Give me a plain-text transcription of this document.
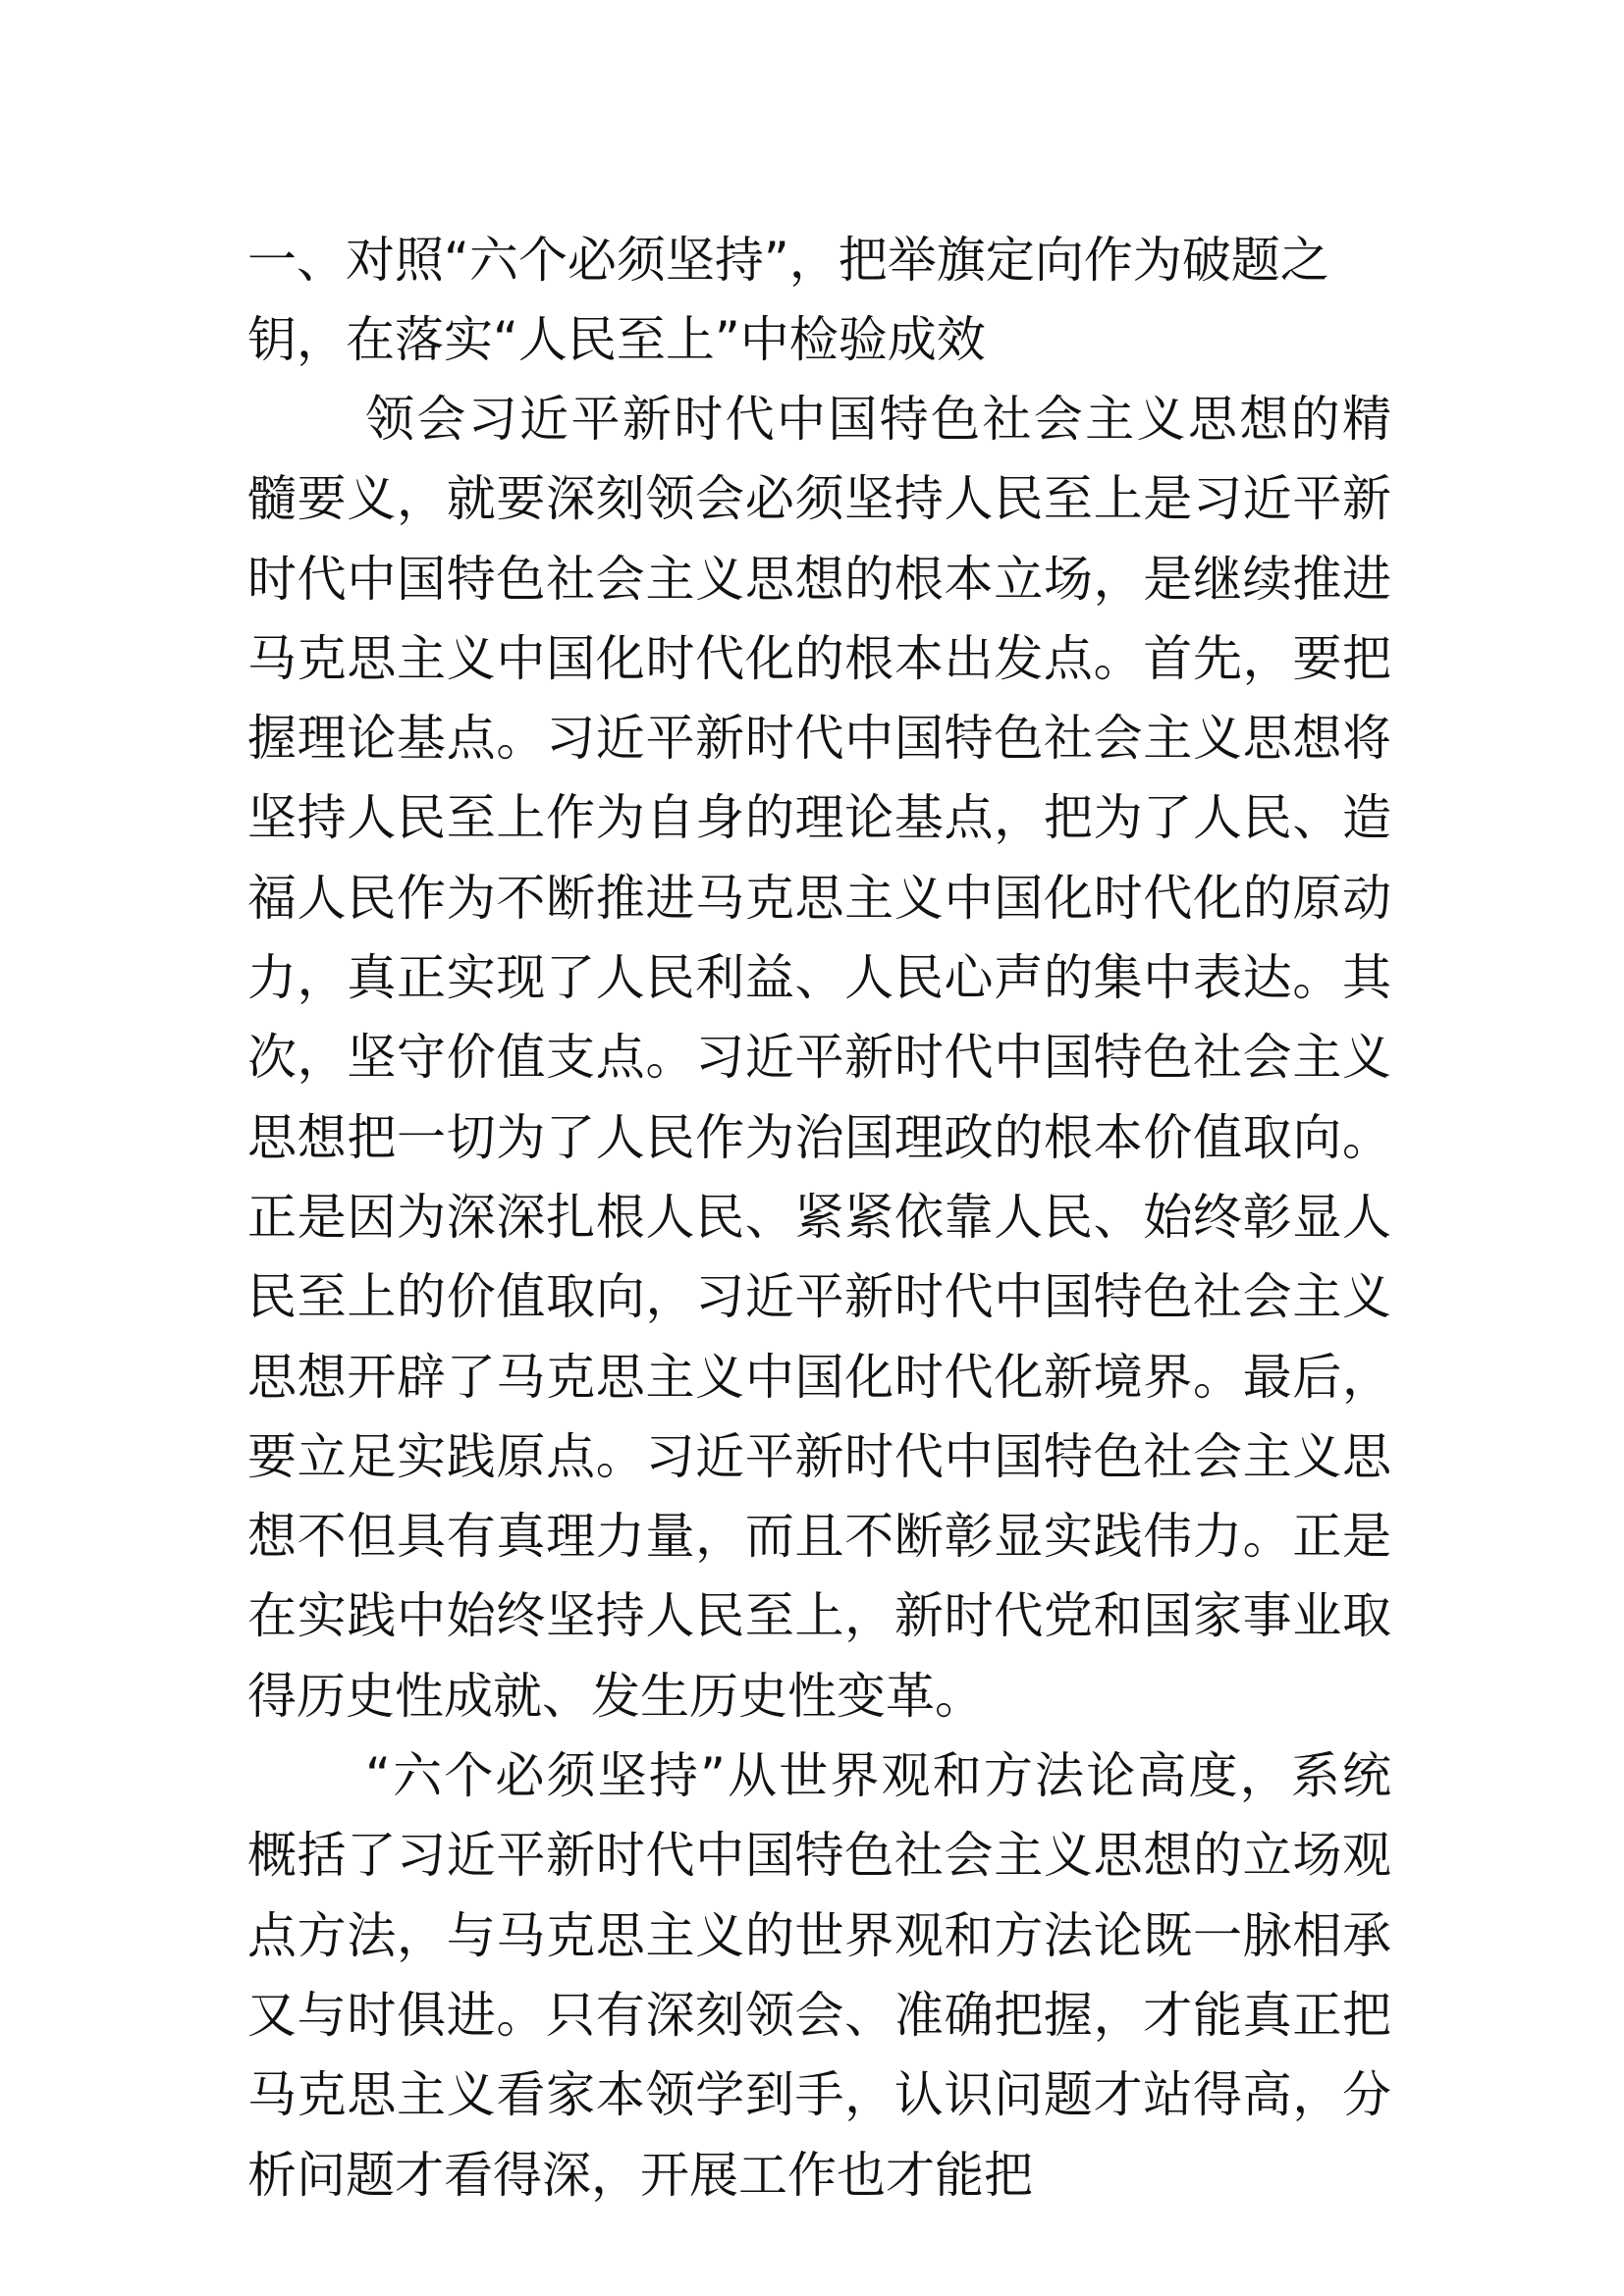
一、对照“六个必须坚持”，把举旗定向作为破题之钥，在落实“人民至上”中检验成效

领会习近平新时代中国特色社会主义思想的精髓要义，就要深刻领会必须坚持人民至上是习近平新时代中国特色社会主义思想的根本立场，是继续推进马克思主义中国化时代化的根本出发点。首先，要把握理论基点。习近平新时代中国特色社会主义思想将坚持人民至上作为自身的理论基点，把为了人民、造福人民作为不断推进马克思主义中国化时代化的原动力，真正实现了人民利益、人民心声的集中表达。其次，坚守价值支点。习近平新时代中国特色社会主义思想把一切为了人民作为治国理政的根本价值取向。正是因为深深扎根人民、紧紧依靠人民、始终彰显人民至上的价值取向，习近平新时代中国特色社会主义思想开辟了马克思主义中国化时代化新境界。最后，要立足实践原点。习近平新时代中国特色社会主义思想不但具有真理力量，而且不断彰显实践伟力。正是在实践中始终坚持人民至上，新时代党和国家事业取得历史性成就、发生历史性变革。

“六个必须坚持”从世界观和方法论高度，系统概括了习近平新时代中国特色社会主义思想的立场观点方法，与马克思主义的世界观和方法论既一脉相承又与时俱进。只有深刻领会、准确把握，才能真正把马克思主义看家本领学到手，认识问题才站得高，分析问题才看得深，开展工作也才能把
